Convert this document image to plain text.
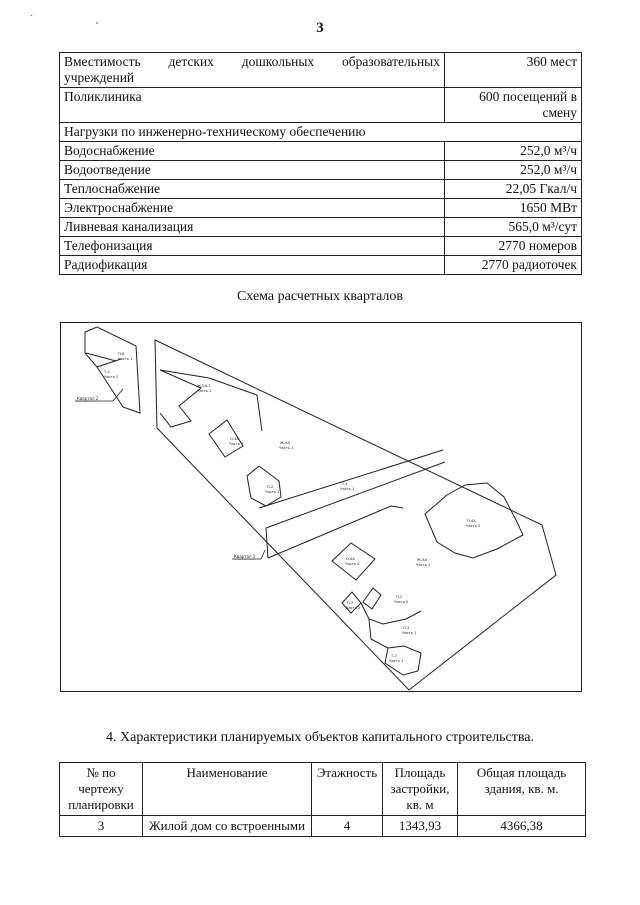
˙ ˛
3
Вместимость детских дошкольных образовательных учреждений	360 мест
Поликлиника	600 посещений в смену
Нагрузки по инженерно-техническому обеспечению	
Водоснабжение	252,0 м³/ч
Водоотведение	252,0 м³/ч
Теплоснабжение	22,05 Гкал/ч
Электроснабжение	1650 МВт
Ливневая канализация	565,0 м³/сут
Телефонизация	2770 номеров
Радиофикация	2770 радиоточек
Схема расчетных кварталов
Квартал 2
Квартал 1
П-6
Часть 1
Т-2
Часть 2
Ж-5А-1
Часть 1
О-4А
Часть 2	Ж-4А
Часть 1
П-2
Часть 2
Т-1
Часть 1
П-4А
Часть 2
О-4А
Часть 2
Ж-5А
Часть 1
П-2
Часть 2
П-2
Часть 2
П-3
Часть 1
Т-2
Часть 1
4. Характеристики планируемых объектов капитального строительства.
№ по чертежу планировки	Наименование	Этажность	Площадь застройки, кв. м	Общая площадь здания, кв. м.
3	Жилой дом со встроенными	4	1343,93	4366,38
